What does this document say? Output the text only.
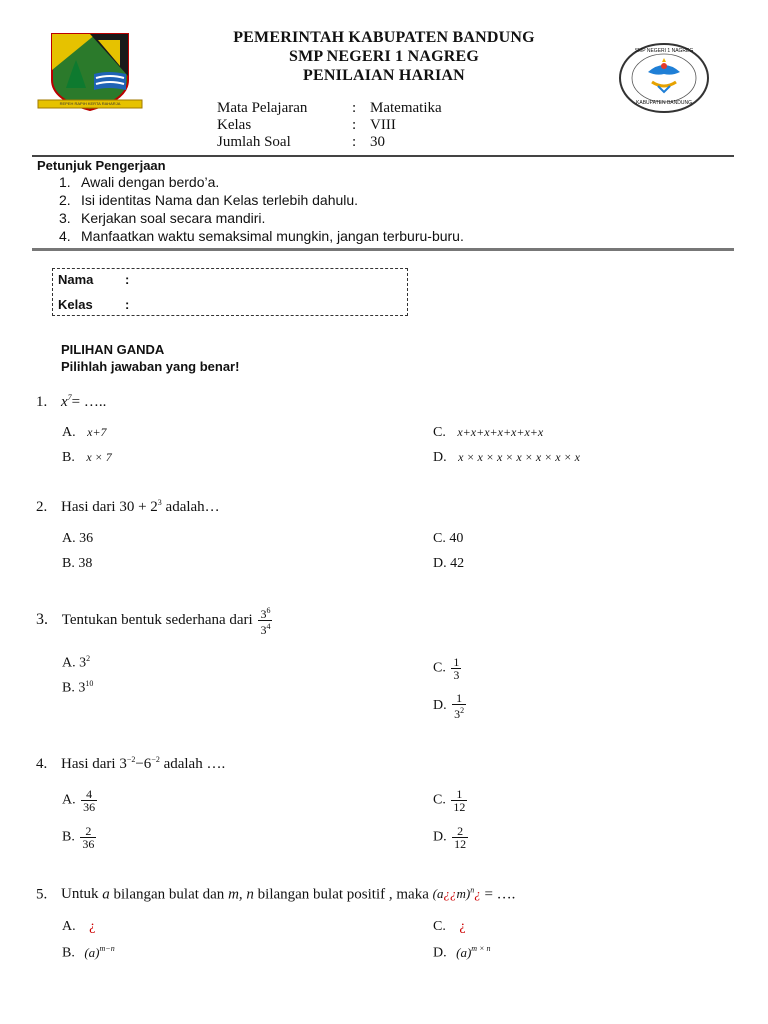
REPEH RAPIH KERTA RAHARJA
SMP NEGERI 1 NAGREG
KABUPATEN BANDUNG
PEMERINTAH KABUPATEN BANDUNG
SMP NEGERI 1 NAGREG
PENILAIAN HARIAN
Mata Pelajaran	: Matematika
Kelas	: VIII
Jumlah Soal	: 30
Petunjuk Pengerjaan
1. Awali dengan berdo’a.
2. Isi identitas Nama dan Kelas terlebih dahulu.
3. Kerjakan soal secara mandiri.
4. Manfaatkan waktu semaksimal mungkin, jangan terburu-buru.
Nama :
Kelas :
PILIHAN GANDA
Pilihlah jawaban yang benar!
1. $x^7=$ …..
A. x+7
B. x × 7
C. x+x+x+x+x+x+x
D. x × x × x × x × x × x × x
2. Hasi dari $30 + 2^3$ adalah…
A. 36
B. 38
C. 40
D. 42
3. Tentukan bentuk sederhana dari $\frac{3^6}{3^4}$
A. $3^2$
B. $3^{10}$
C. $\frac{1}{3}$
D. $\frac{1}{3^2}$
4. Hasi dari $3^{-2}-6^{-2}$ adalah ….
A. $\frac{4}{36}$
B. $\frac{2}{36}$
C. $\frac{1}{12}$
D. $\frac{2}{12}$
5. Untuk a bilangan bulat dan m, n bilangan bulat positif , maka (a¿¿m)$^n$¿ = ….
A. ¿
B. $(a)^{m-n}$
C. ¿
D. $(a)^{m \times n}$
